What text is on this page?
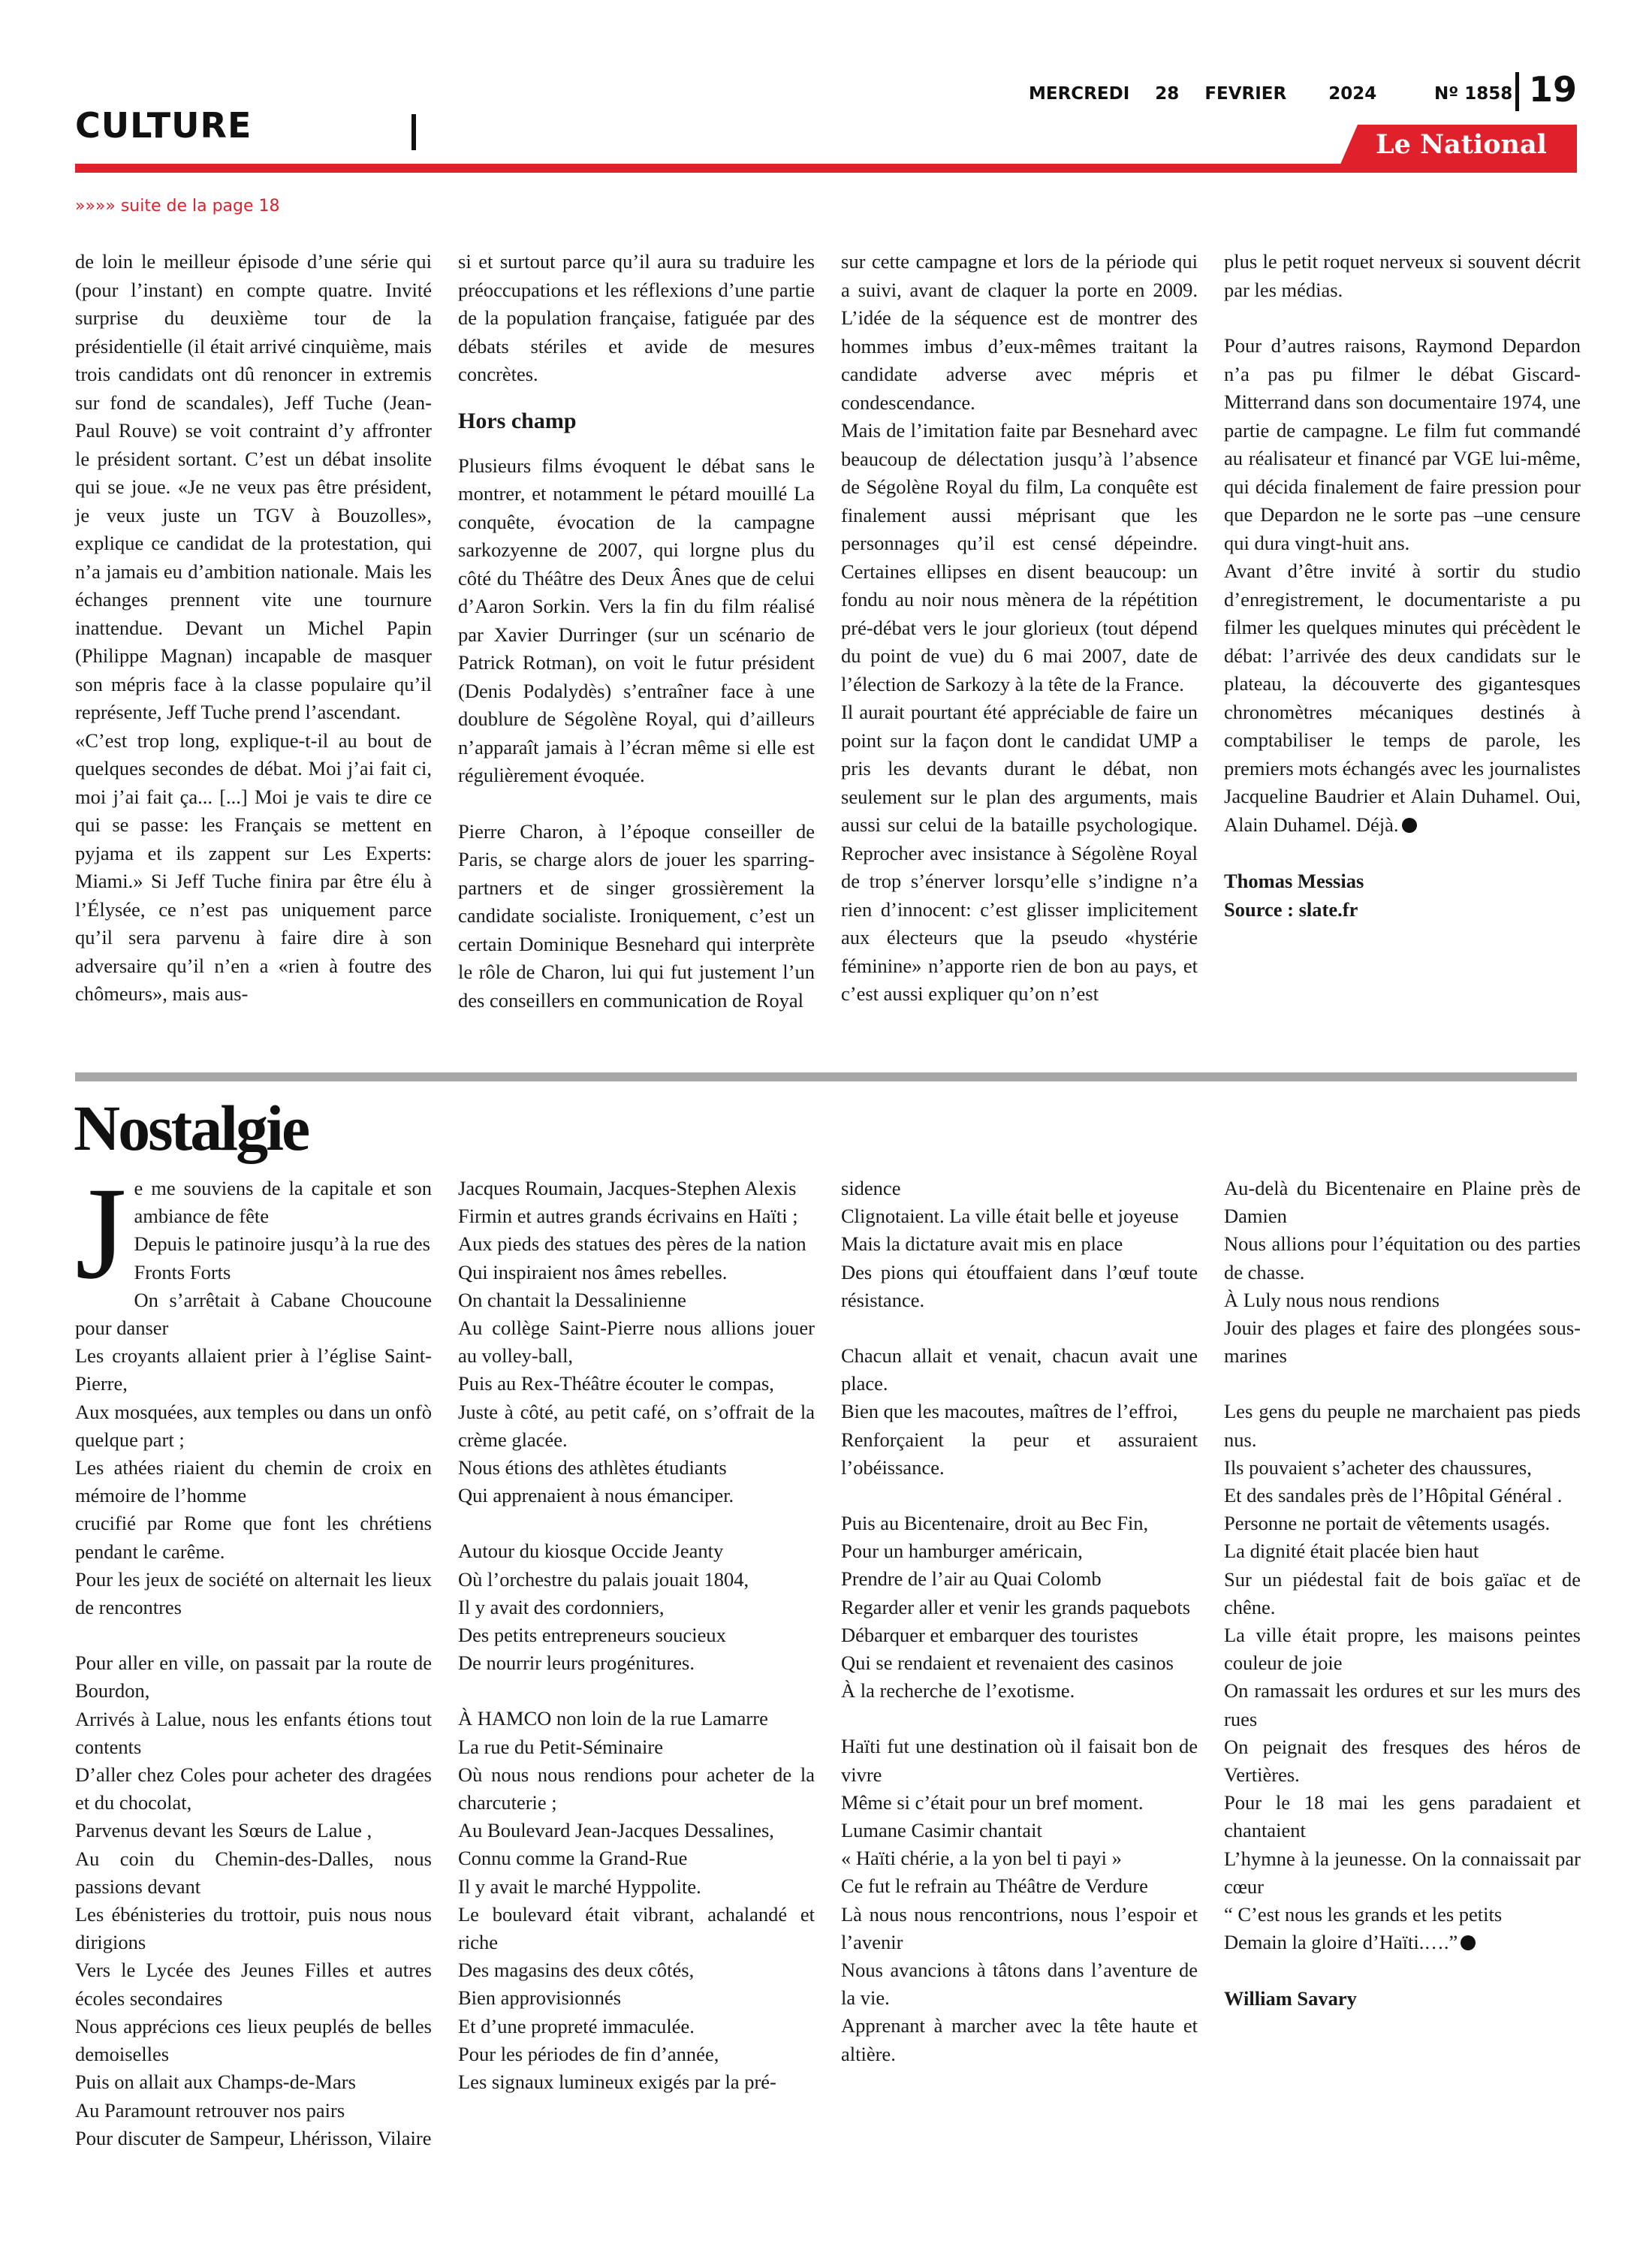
CULTURE
MERCREDI 28 FEVRIER 2024	Nº 1858 19
Le National
»»»» suite de la page 18

de loin le meilleur épisode d’une série qui (pour l’instant) en compte quatre. Invité surprise du deuxième tour de la présidentielle (il était arrivé cinquième, mais trois candidats ont dû renoncer in extremis sur fond de scandales), Jeff Tuche (Jean-Paul Rouve) se voit contraint d’y affronter le président sortant. C’est un débat insolite qui se joue. «Je ne veux pas être président, je veux juste un TGV à Bouzolles», explique ce candidat de la protestation, qui n’a jamais eu d’ambition nationale. Mais les échanges prennent vite une tournure inattendue. Devant un Michel Papin (Philippe Magnan) incapable de masquer son mépris face à la classe populaire qu’il représente, Jeff Tuche prend l’ascendant.

«C’est trop long, explique-t-il au bout de quelques secondes de débat. Moi j’ai fait ci, moi j’ai fait ça... [...] Moi je vais te dire ce qui se passe: les Français se mettent en pyjama et ils zappent sur Les Experts: Miami.» Si Jeff Tuche finira par être élu à l’Élysée, ce n’est pas uniquement parce qu’il sera parvenu à faire dire à son adversaire qu’il n’en a «rien à foutre des chômeurs», mais aus-

si et surtout parce qu’il aura su traduire les préoccupations et les réflexions d’une partie de la population française, fatiguée par des débats stériles et avide de mesures concrètes.

Hors champ

Plusieurs films évoquent le débat sans le montrer, et notamment le pétard mouillé La conquête, évocation de la campagne sarkozyenne de 2007, qui lorgne plus du côté du Théâtre des Deux Ânes que de celui d’Aaron Sorkin. Vers la fin du film réalisé par Xavier Durringer (sur un scénario de Patrick Rotman), on voit le futur président (Denis Podalydès) s’entraîner face à une doublure de Ségolène Royal, qui d’ailleurs n’apparaît jamais à l’écran même si elle est régulièrement évoquée.

Pierre Charon, à l’époque conseiller de Paris, se charge alors de jouer les sparring-partners et de singer grossièrement la candidate socialiste. Ironiquement, c’est un certain Dominique Besnehard qui interprète le rôle de Charon, lui qui fut justement l’un des conseillers en communication de Royal

sur cette campagne et lors de la période qui a suivi, avant de claquer la porte en 2009. L’idée de la séquence est de montrer des hommes imbus d’eux-mêmes traitant la candidate adverse avec mépris et condescendance.

Mais de l’imitation faite par Besnehard avec beaucoup de délectation jusqu’à l’absence de Ségolène Royal du film, La conquête est finalement aussi méprisant que les personnages qu’il est censé dépeindre. Certaines ellipses en disent beaucoup: un fondu au noir nous mènera de la répétition pré-débat vers le jour glorieux (tout dépend du point de vue) du 6 mai 2007, date de l’élection de Sarkozy à la tête de la France.

Il aurait pourtant été appréciable de faire un point sur la façon dont le candidat UMP a pris les devants durant le débat, non seulement sur le plan des arguments, mais aussi sur celui de la bataille psychologique. Reprocher avec insistance à Ségolène Royal de trop s’énerver lorsqu’elle s’indigne n’a rien d’innocent: c’est glisser implicitement aux électeurs que la pseudo «hystérie féminine» n’apporte rien de bon au pays, et c’est aussi expliquer qu’on n’est

plus le petit roquet nerveux si souvent décrit par les médias.

Pour d’autres raisons, Raymond Depardon n’a pas pu filmer le débat Giscard-Mitterrand dans son documentaire 1974, une partie de campagne. Le film fut commandé au réalisateur et financé par VGE lui-même, qui décida finalement de faire pression pour que Depardon ne le sorte pas –une censure qui dura vingt-huit ans.

Avant d’être invité à sortir du studio d’enregistrement, le documentariste a pu filmer les quelques minutes qui précèdent le débat: l’arrivée des deux candidats sur le plateau, la découverte des gigantesques chronomètres mécaniques destinés à comptabiliser le temps de parole, les premiers mots échangés avec les journalistes Jacqueline Baudrier et Alain Duhamel. Oui, Alain Duhamel. Déjà.

Thomas Messias

Source : slate.fr

Nostalgie
J e me souviens de la capitale et son ambiance de fête

Depuis le patinoire jusqu’à la rue des Fronts Forts

On s’arrêtait à Cabane Choucoune pour danser

Les croyants allaient prier à l’église Saint-Pierre,

Aux mosquées, aux temples ou dans un onfò quelque part ;

Les athées riaient du chemin de croix en mémoire de l’homme

crucifié par Rome que font les chrétiens pendant le carême.

Pour les jeux de société on alternait les lieux de rencontres

Pour aller en ville, on passait par la route de Bourdon,

Arrivés à Lalue, nous les enfants étions tout contents

D’aller chez Coles pour acheter des dragées et du chocolat,

Parvenus devant les Sœurs de Lalue ,

Au coin du Chemin-des-Dalles, nous passions devant

Les ébénisteries du trottoir, puis nous nous dirigions

Vers le Lycée des Jeunes Filles et autres écoles secondaires

Nous apprécions ces lieux peuplés de belles demoiselles

Puis on allait aux Champs-de-Mars

Au Paramount retrouver nos pairs

Pour discuter de Sampeur, Lhérisson, Vilaire

Jacques Roumain, Jacques-Stephen Alexis

Firmin et autres grands écrivains en Haïti ;

Aux pieds des statues des pères de la nation

Qui inspiraient nos âmes rebelles.

On chantait la Dessalinienne

Au collège Saint-Pierre nous allions jouer au volley-ball,

Puis au Rex-Théâtre écouter le compas,

Juste à côté, au petit café, on s’offrait de la crème glacée.

Nous étions des athlètes étudiants

Qui apprenaient à nous émanciper.

Autour du kiosque Occide Jeanty

Où l’orchestre du palais jouait 1804,

Il y avait des cordonniers,

Des petits entrepreneurs soucieux

De nourrir leurs progénitures.

À HAMCO non loin de la rue Lamarre

La rue du Petit-Séminaire

Où nous nous rendions pour acheter de la charcuterie ;

Au Boulevard Jean-Jacques Dessalines,

Connu comme la Grand-Rue

Il y avait le marché Hyppolite.

Le boulevard était vibrant, achalandé et riche

Des magasins des deux côtés,

Bien approvisionnés

Et d’une propreté immaculée.

Pour les périodes de fin d’année,

Les signaux lumineux exigés par la pré-

sidence

Clignotaient. La ville était belle et joyeuse

Mais la dictature avait mis en place

Des pions qui étouffaient dans l’œuf toute résistance.

Chacun allait et venait, chacun avait une place.

Bien que les macoutes, maîtres de l’effroi,

Renforçaient la peur et assuraient l’obéissance.

Puis au Bicentenaire, droit au Bec Fin,

Pour un hamburger américain,

Prendre de l’air au Quai Colomb

Regarder aller et venir les grands paquebots

Débarquer et embarquer des touristes

Qui se rendaient et revenaient des casinos

À la recherche de l’exotisme.

Haïti fut une destination où il faisait bon de vivre

Même si c’était pour un bref moment.

Lumane Casimir chantait

« Haïti chérie, a la yon bel ti payi »

Ce fut le refrain au Théâtre de Verdure

Là nous nous rencontrions, nous l’espoir et l’avenir

Nous avancions à tâtons dans l’aventure de la vie.

Apprenant à marcher avec la tête haute et altière.

Au-delà du Bicentenaire en Plaine près de Damien

Nous allions pour l’équitation ou des parties de chasse.

À Luly nous nous rendions

Jouir des plages et faire des plongées sous-marines

Les gens du peuple ne marchaient pas pieds nus.

Ils pouvaient s’acheter des chaussures,

Et des sandales près de l’Hôpital Général .

Personne ne portait de vêtements usagés.

La dignité était placée bien haut

Sur un piédestal fait de bois gaïac et de chêne.

La ville était propre, les maisons peintes couleur de joie

On ramassait les ordures et sur les murs des rues

On peignait des fresques des héros de Vertières.

Pour le 18 mai les gens paradaient et chantaient

L’hymne à la jeunesse. On la connaissait par cœur

“ C’est nous les grands et les petits

Demain la gloire d’Haïti.….”

William Savary
